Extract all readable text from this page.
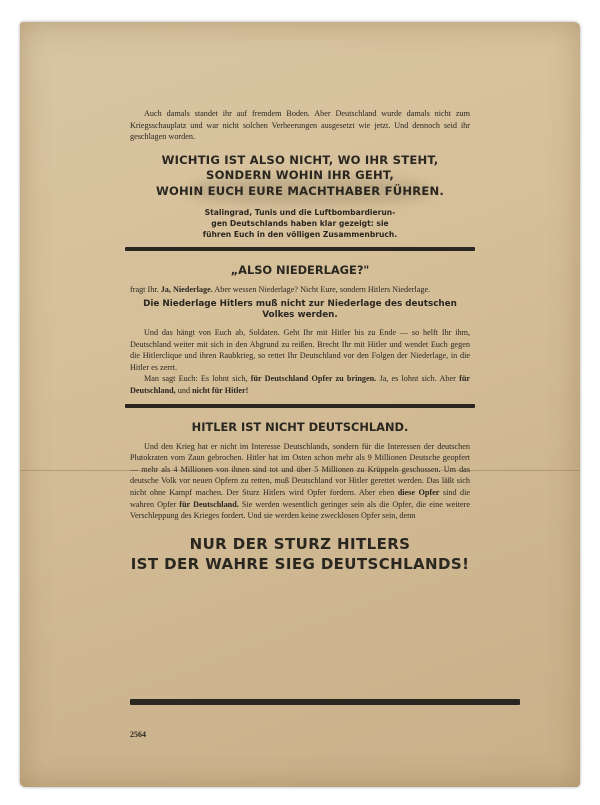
Auch damals standet ihr auf fremdem Boden. Aber Deutschland wurde damals nicht zum Kriegsschauplatz und war nicht solchen Verheerungen ausgesetzt wie jetzt. Und dennoch seid ihr geschlagen worden.

WICHTIG IST ALSO NICHT, WO IHR STEHT,
SONDERN WOHIN IHR GEHT,
WOHIN EUCH EURE MACHTHABER FÜHREN.
Stalingrad, Tunis und die Luftbombardierun-
gen Deutschlands haben klar gezeigt: sie
führen Euch in den völligen Zusammenbruch.
„ALSO NIEDERLAGE?"

fragt Ihr. Ja, Niederlage. Aber wessen Niederlage? Nicht Eure, sondern Hitlers Niederlage.

Die Niederlage Hitlers muß nicht zur Niederlage des deutschen Volkes werden.

Und das hängt von Euch ab, Soldaten. Geht Ihr mit Hitler bis zu Ende — so helft Ihr ihm, Deutschland weiter mit sich in den Abgrund zu reißen. Brecht Ihr mit Hitler und wendet Euch gegen die Hitlerclique und ihren Raubkrieg, so rettet Ihr Deutschland vor den Folgen der Niederlage, in die Hitler es zerrt.

Man sagt Euch: Es lohnt sich, für Deutschland Opfer zu bringen. Ja, es lohnt sich. Aber für Deutschland, und nicht für Hitler!

HITLER IST NICHT DEUTSCHLAND.

Und den Krieg hat er nicht im Interesse Deutschlands, sondern für die Interessen der deutschen Plutokraten vom Zaun gebrochen. Hitler hat im Osten schon mehr als 9 Millionen Deutsche geopfert — mehr als 4 Millionen von ihnen sind tot und über 5 Millionen zu Krüppeln geschossen. Um das deutsche Volk vor neuen Opfern zu retten, muß Deutschland vor Hitler gerettet werden. Das läßt sich nicht ohne Kampf machen. Der Sturz Hitlers wird Opfer fordern. Aber eben diese Opfer sind die wahren Opfer für Deutschland. Sie werden wesentlich geringer sein als die Opfer, die eine weitere Verschleppung des Krieges fordert. Und sie werden keine zwecklosen Opfer sein, denn

NUR DER STURZ HITLERS
IST DER WAHRE SIEG DEUTSCHLANDS!
2564
